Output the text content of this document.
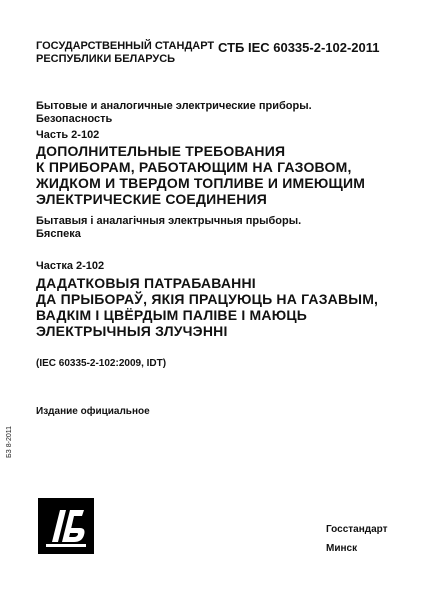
ГОСУДАРСТВЕННЫЙ СТАНДАРТ
РЕСПУБЛИКИ БЕЛАРУСЬ
СТБ IEC 60335-2-102-2011
Бытовые и аналогичные электрические приборы.
Безопасность
Часть 2-102
ДОПОЛНИТЕЛЬНЫЕ ТРЕБОВАНИЯ
К ПРИБОРАМ, РАБОТАЮЩИМ НА ГАЗОВОМ,
ЖИДКОМ И ТВЕРДОМ ТОПЛИВЕ И ИМЕЮЩИМ
ЭЛЕКТРИЧЕСКИЕ СОЕДИНЕНИЯ
Бытавыя і аналагічныя электрычныя прыборы.
Бяспека
Частка 2-102
ДАДАТКОВЫЯ ПАТРАБАВАННІ
ДА ПРЫБОРАЎ, ЯКІЯ ПРАЦУЮЦЬ НА ГАЗАВЫМ,
ВАДКІМ І ЦВЁРДЫМ ПАЛІВЕ І МАЮЦЬ
ЭЛЕКТРЫЧНЫЯ ЗЛУЧЭННІ
(IEC 60335-2-102:2009, IDT)
Издание официальное
БЗ 8-2011
Госстандарт
Минск
